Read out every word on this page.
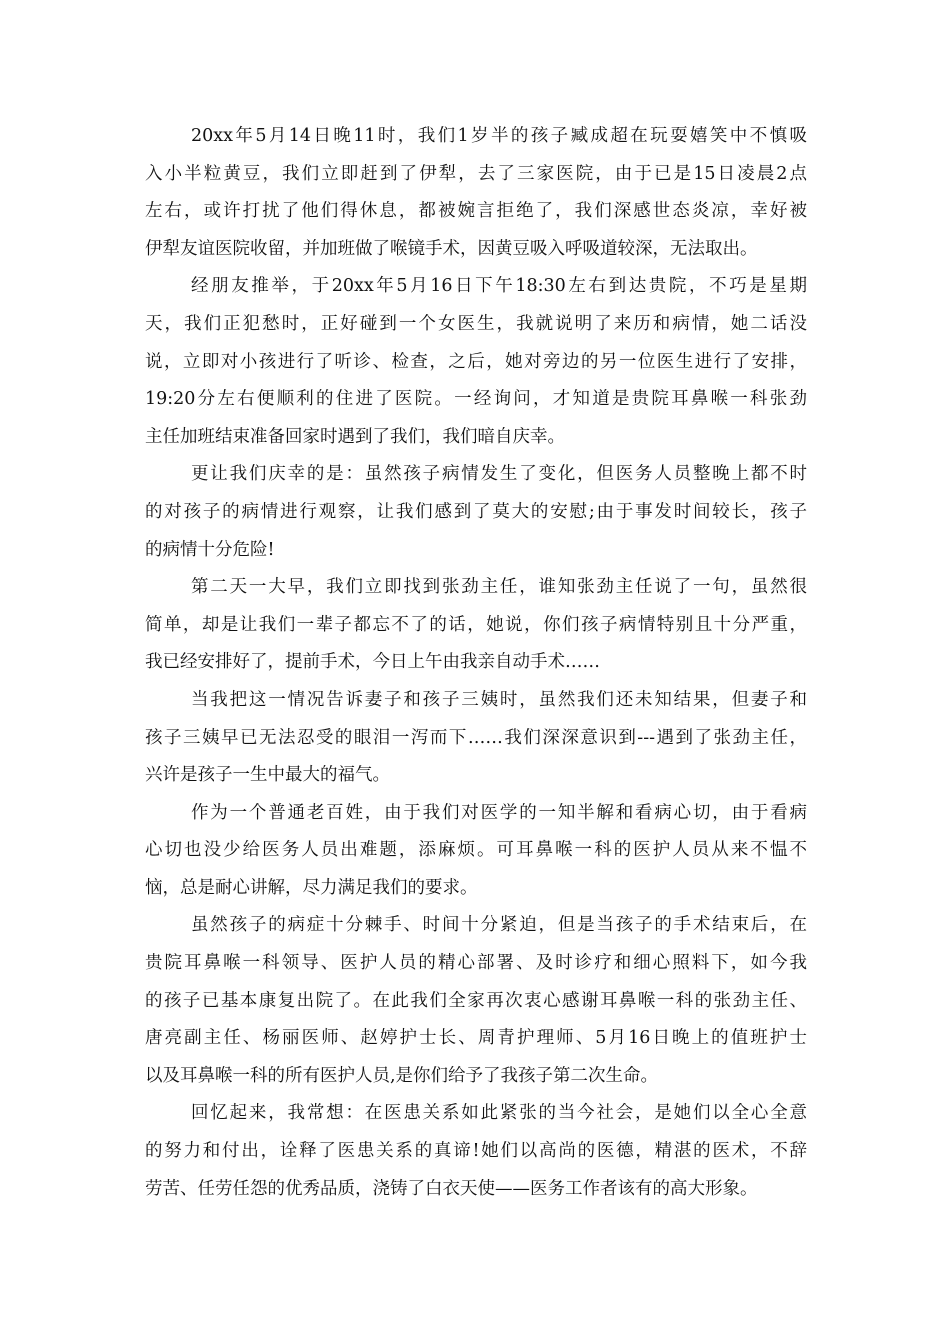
20xx年5月14日晚11时，我们1岁半的孩子臧成超在玩耍嬉笑中不慎吸
入小半粒黄豆，我们立即赶到了伊犁，去了三家医院，由于已是15日凌晨2点
左右，或许打扰了他们得休息，都被婉言拒绝了，我们深感世态炎凉，幸好被
伊犁友谊医院收留，并加班做了喉镜手术，因黄豆吸入呼吸道较深，无法取出。
经朋友推举，于20xx年5月16日下午18:30左右到达贵院，不巧是星期
天，我们正犯愁时，正好碰到一个女医生，我就说明了来历和病情，她二话没
说，立即对小孩进行了听诊、检查，之后，她对旁边的另一位医生进行了安排，
19:20分左右便顺利的住进了医院。一经询问，才知道是贵院耳鼻喉一科张劲
主任加班结束准备回家时遇到了我们，我们暗自庆幸。
更让我们庆幸的是：虽然孩子病情发生了变化，但医务人员整晚上都不时
的对孩子的病情进行观察，让我们感到了莫大的安慰;由于事发时间较长，孩子
的病情十分危险!
第二天一大早，我们立即找到张劲主任，谁知张劲主任说了一句，虽然很
简单，却是让我们一辈子都忘不了的话，她说，你们孩子病情特别且十分严重，
我已经安排好了，提前手术，今日上午由我亲自动手术……
当我把这一情况告诉妻子和孩子三姨时，虽然我们还未知结果，但妻子和
孩子三姨早已无法忍受的眼泪一泻而下……我们深深意识到---遇到了张劲主任，
兴许是孩子一生中最大的福气。
作为一个普通老百姓，由于我们对医学的一知半解和看病心切，由于看病
心切也没少给医务人员出难题，添麻烦。可耳鼻喉一科的医护人员从来不愠不
恼，总是耐心讲解，尽力满足我们的要求。
虽然孩子的病症十分棘手、时间十分紧迫，但是当孩子的手术结束后，在
贵院耳鼻喉一科领导、医护人员的精心部署、及时诊疗和细心照料下，如今我
的孩子已基本康复出院了。在此我们全家再次衷心感谢耳鼻喉一科的张劲主任、
唐亮副主任、杨丽医师、赵婷护士长、周青护理师、5月16日晚上的值班护士
以及耳鼻喉一科的所有医护人员,是你们给予了我孩子第二次生命。
回忆起来，我常想：在医患关系如此紧张的当今社会，是她们以全心全意
的努力和付出，诠释了医患关系的真谛!她们以高尚的医德，精湛的医术，不辞
劳苦、任劳任怨的优秀品质，浇铸了白衣天使——医务工作者该有的高大形象。
